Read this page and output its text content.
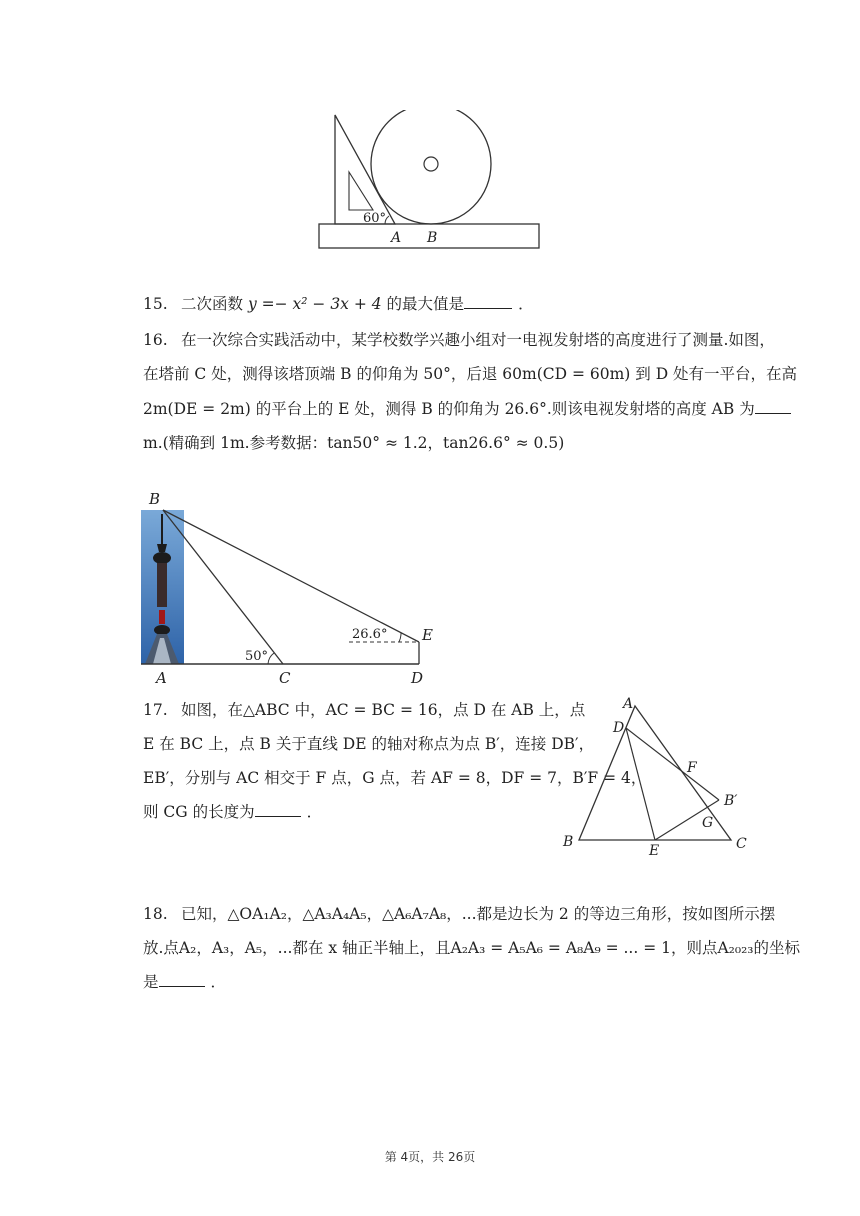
60°
A B
15. 二次函数 y =− x² − 3x + 4 的最大值是	．
16. 在一次综合实践活动中，某学校数学兴趣小组对一电视发射塔的高度进行了测量.如图，
在塔前 C 处，测得该塔顶端 B 的仰角为 50°，后退 60m(CD = 60m) 到 D 处有一平台，在高
2m(DE = 2m) 的平台上的 E 处，测得 B 的仰角为 26.6°.则该电视发射塔的高度 AB 为
m.(精确到 1m.参考数据：tan50° ≈ 1.2，tan26.6° ≈ 0.5)
B
A	C	D
E
50°
26.6°
17. 如图，在△ABC 中，AC = BC = 16，点 D 在 AB 上，点
E 在 BC 上，点 B 关于直线 DE 的轴对称点为点 B′，连接 DB′，
EB′，分别与 AC 相交于 F 点，G 点，若 AF = 8，DF = 7，B′F = 4，
则 CG 的长度为	．
A
D
F
B′
G
B
E	C
18. 已知，△OA₁A₂，△A₃A₄A₅，△A₆A₇A₈，...都是边长为 2 的等边三角形，按如图所示摆
放.点A₂，A₃，A₅，...都在 x 轴正半轴上，且A₂A₃ = A₅A₆ = A₈A₉ = ... = 1，则点A₂₀₂₃的坐标
是	．
第 4页，共 26页
